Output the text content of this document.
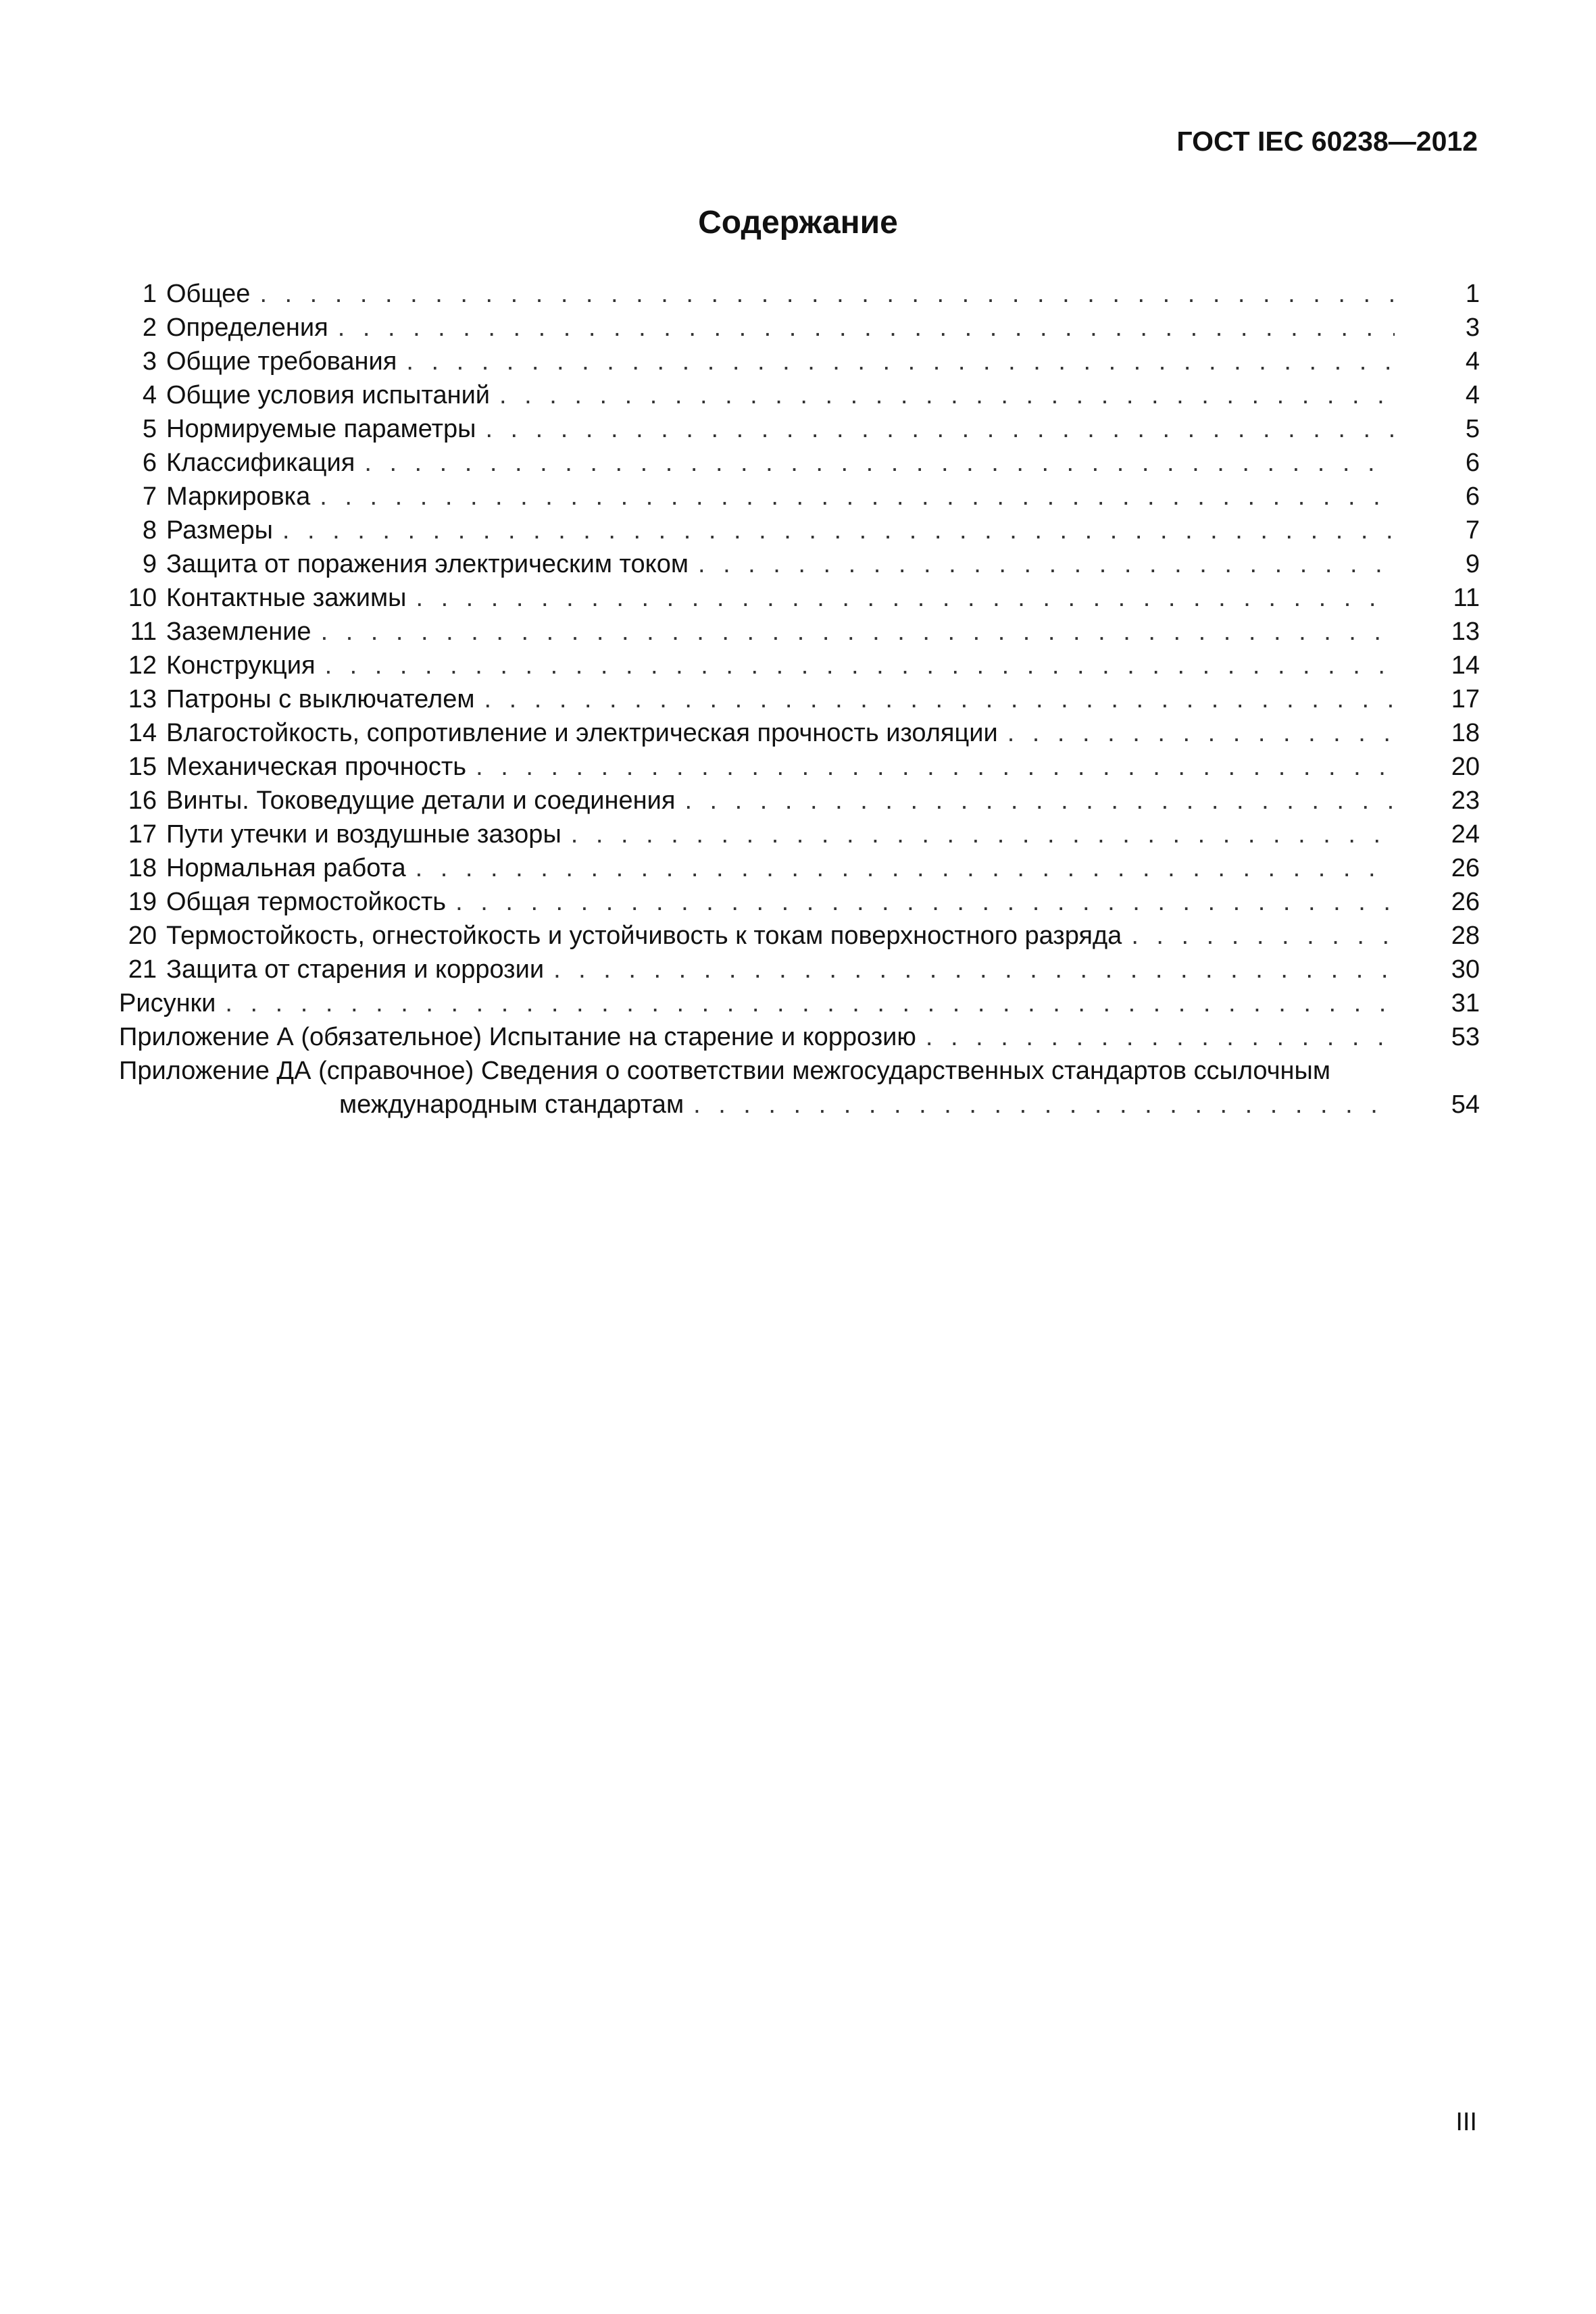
ГОСТ IEC 60238—2012
Содержание
1 Общее . . .	1
2 Определения . . .	3
3 Общие требования . . .	4
4 Общие условия испытаний . . .	4
5 Нормируемые параметры . . .	5
6 Классификация . . .	6
7 Маркировка . . .	6
8 Размеры . . .	7
9 Защита от поражения электрическим током . . .	9
10 Контактные зажимы . . .	11
11 Заземление . . .	13
12 Конструкция . . .	14
13 Патроны с выключателем . . .	17
14 Влагостойкость, сопротивление и электрическая прочность изоляции . . .	18
15 Механическая прочность . . .	20
16 Винты. Токоведущие детали и соединения . . .	23
17 Пути утечки и воздушные зазоры . . .	24
18 Нормальная работа . . .	26
19 Общая термостойкость . . .	26
20 Термостойкость, огнестойкость и устойчивость к токам поверхностного разряда . . .	28
21 Защита от старения и коррозии . . .	30
Рисунки . . .	31
Приложение А (обязательное) Испытание на старение и коррозию . . .	53
Приложение ДА (справочное) Сведения о соответствии межгосударственных стандартов ссылочным
международным стандартам . . .	54
III
